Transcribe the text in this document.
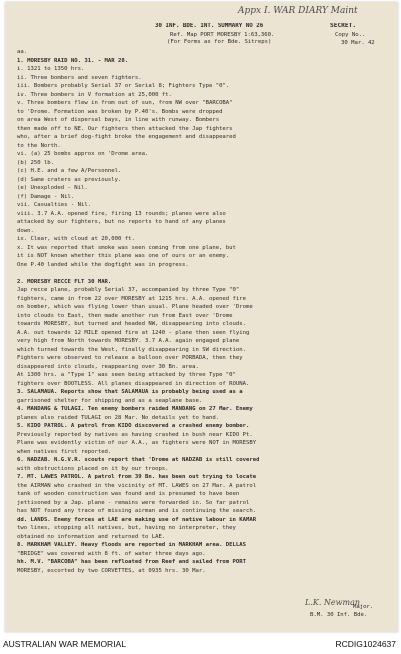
Appx I. WAR DIARY Maint
30 INF. BDE. INT. SUMMARY NO 26	SECRET.
Ref. Map PORT MORESBY 1:63,360.	Copy No..
(For Forms as for Bde. Sitreps)	30 Mar. 42
aa.
1. MORESBY RAID NO. 31. - MAR 28.
i. 1321 to 1350 hrs.
ii. Three bombers and seven fighters.
iii. Bombers probably Serial 37 or Serial 8; Fighters Type "0".
iv. Three bombers in V formation at 25,000 ft.
v. Three bombers flew in from out of sun, from NW over "BARCOBA"
to 'Drome. Formation was broken by P.40's. Bombs were dropped
on area West of dispersal bays, in line with runway. Bombers
then made off to NE. Our fighters then attacked the Jap fighters
who, after a brief dog-fight broke the engagement and disappeared
to the North.
vi. (a) 25 bombs approx on 'Drome area.
(b) 250 lb.
(c) H.E. and a few A/Personnel.
(d) Same craters as previously.
(e) Unexploded - Nil.
(f) Damage - Nil.
vii. Casualties - Nil.
viii. 3.7 A.A. opened fire, firing 13 rounds; planes were also
attacked by our fighters, but no reports to hand of any planes
down.
ix. Clear, with cloud at 20,000 ft.
x. It was reported that smoke was seen coming from one plane, but
it is NOT known whether this plane was one of ours or an enemy.
One P.40 landed while the dogfight was in progress.
2. MORESBY RECCE FLT 30 MAR.
Jap recce plane, probably Serial 37, accompanied by three Type "0"
fighters, came in from 22 over MORESBY at 1215 hrs. A.A. opened fire
on bomber, which was flying lower than usual. Plane headed over 'Drome
into clouds to East, then made another run from East over 'Drome
towards MORESBY, but turned and headed NW, disappearing into clouds.
A.A. out towards 12 MILE opened fire at 1240 - plane then seen flying
very high from North towards MORESBY. 3.7 A.A. again engaged plane
which turned towards the West, finally disappearing in SW direction.
Fighters were observed to release a balloon over PORBADA, then they
disappeared into clouds, reappearing over 30 Bn. area.
At 1300 hrs. a "Type 1" was seen being attacked by three Type "0"
fighters over BOOTLESS. All planes disappeared in direction of ROUNA.
3. SALAMAUA. Reports show that SALAMAUA is probably being used as a
garrisoned shelter for shipping and as a seaplane base.
4. MANDANG & TULAGI. Ten enemy bombers raided MANDANG on 27 Mar. Enemy
planes also raided TULAGI on 28 Mar. No details yet to hand.
5. KIDO PATROL. A patrol from KIDO discovered a crashed enemy bomber.
Previously reported by natives as having crashed in bush near KIDO Pt.
Plane was evidently victim of our A.A., as fighters were NOT in MORESBY
when natives first reported.
6. NADZAB. N.G.V.R. scouts report that 'Drome at NADZAB is still covered
with obstructions placed on it by our troops.
7. MT. LAWES PATROL. A patrol from 39 Bn. has been out trying to locate
the AIRMAN who crashed in the vicinity of MT. LAWES on 27 Mar. A patrol
tank of wooden construction was found and is presumed to have been
jettisoned by a Jap. plane - remains were forwarded in. So far patrol
has NOT found any trace of missing airman and is continuing the search.
dd. LANDS. Enemy forces at LAE are making use of native labour in KAMAR
two lines, stopping all natives, but, having no interpreter, they
obtained no information and returned to LAE.
8. MARKHAM VALLEY. Heavy floods are reported in MARKHAM area. DELLAS
"BRIDGE" was covered with 8 ft. of water three days ago.
hh. M.V. "BARCOBA" has been refloated from Reef and sailed from PORT
MORESBY, escorted by two CORVETTES, at 0935 hrs. 30 Mar.
L.K. Newman
Major.
B.M. 30 Inf. Bde.
AUSTRALIAN WAR MEMORIAL	RCDIG1024637
